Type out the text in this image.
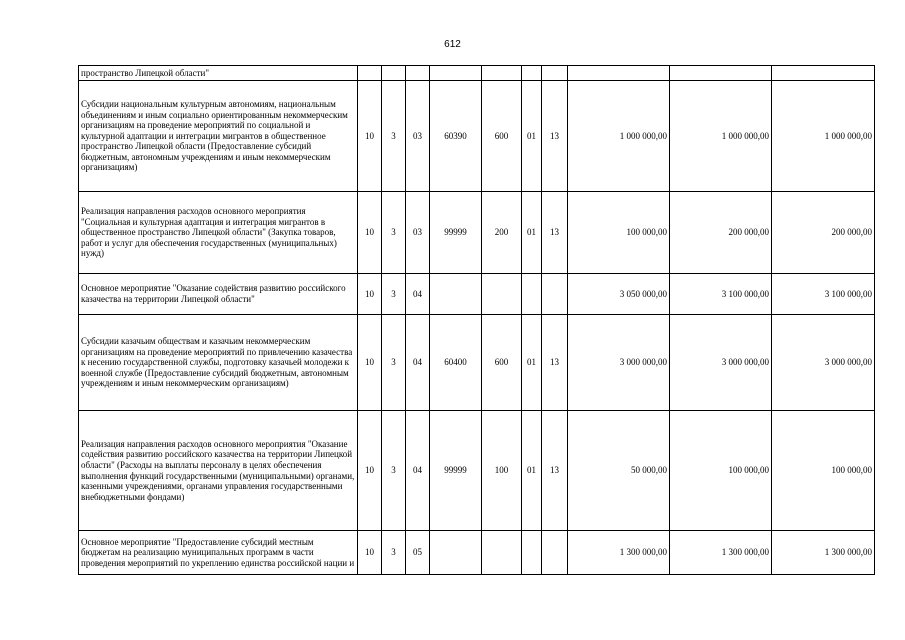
612
пространство Липецкой области"										
Субсидии национальным культурным автономиям, национальным объединениям и иным социально ориентированным некоммерческим организациям на проведение мероприятий по социальной и культурной адаптации и интеграции мигрантов в общественное пространство Липецкой области (Предоставление субсидий бюджетным, автономным учреждениям и иным некоммерческим организациям)	10	3	03	60390	600	01	13	1 000 000,00	1 000 000,00	1 000 000,00
Реализация направления расходов основного мероприятия "Социальная и культурная адаптация и интеграция мигрантов в общественное пространство Липецкой области" (Закупка товаров, работ и услуг для обеспечения государственных (муниципальных) нужд)	10	3	03	99999	200	01	13	100 000,00	200 000,00	200 000,00
Основное мероприятие "Оказание содействия развитию российского казачества на территории Липецкой области"	10	3	04					3 050 000,00	3 100 000,00	3 100 000,00
Субсидии казачьим обществам и казачьим некоммерческим организациям на проведение мероприятий по привлечению казачества к несению государственной службы, подготовку казачьей молодежи к военной службе (Предоставление субсидий бюджетным, автономным учреждениям и иным некоммерческим организациям)	10	3	04	60400	600	01	13	3 000 000,00	3 000 000,00	3 000 000,00
Реализация направления расходов основного мероприятия "Оказание содействия развитию российского казачества на территории Липецкой области" (Расходы на выплаты персоналу в целях обеспечения выполнения функций государственными (муниципальными) органами, казенными учреждениями, органами управления государственными внебюджетными фондами)	10	3	04	99999	100	01	13	50 000,00	100 000,00	100 000,00
Основное мероприятие "Предоставление субсидий местным бюджетам на реализацию муниципальных программ в части проведения мероприятий по укреплению единства российской нации и	10	3	05					1 300 000,00	1 300 000,00	1 300 000,00
